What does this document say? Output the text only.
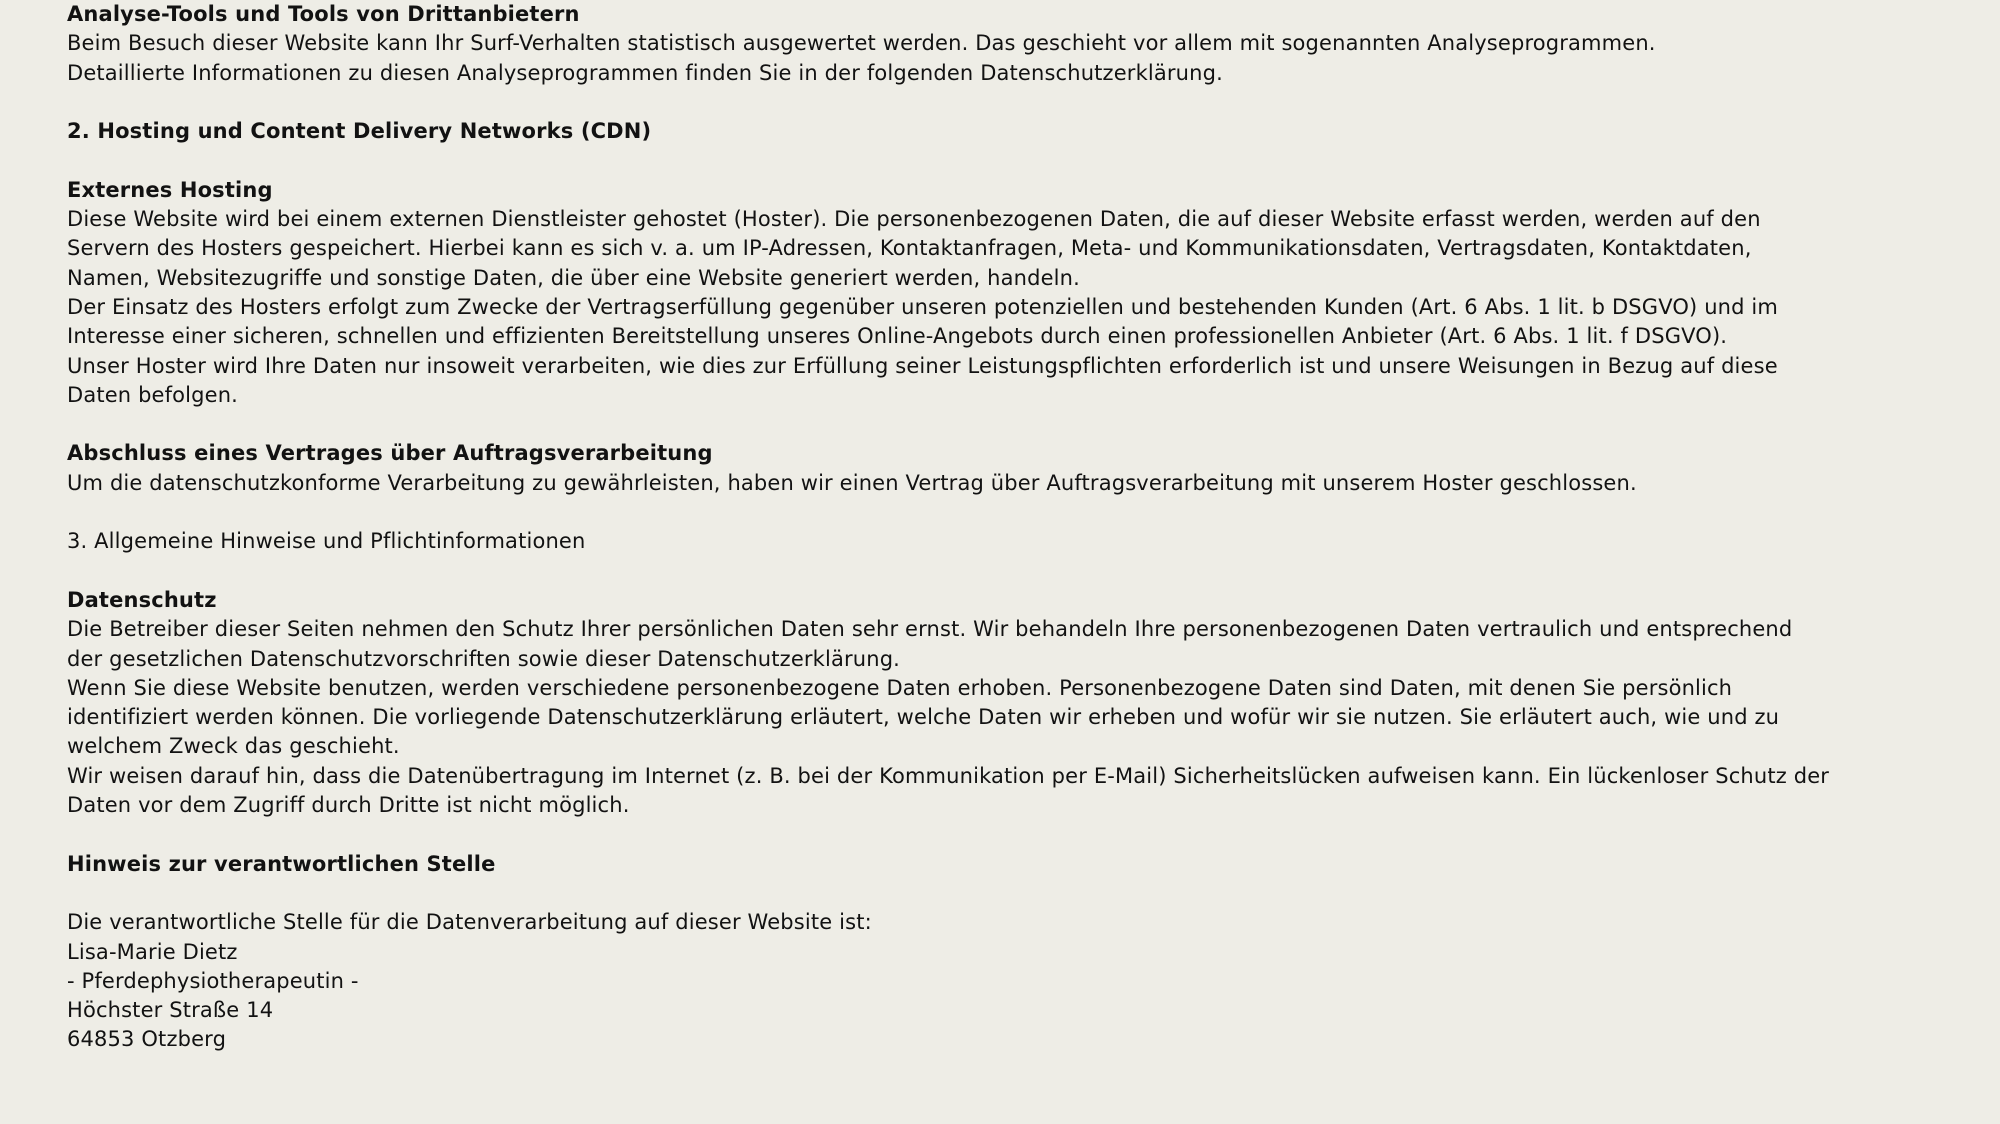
Analyse-Tools und Tools von Drittanbietern

Beim Besuch dieser Website kann Ihr Surf-Verhalten statistisch ausgewertet werden. Das geschieht vor allem mit sogenannten Analyseprogrammen.

Detaillierte Informationen zu diesen Analyseprogrammen finden Sie in der folgenden Datenschutzerklärung.

2. Hosting und Content Delivery Networks (CDN)
Externes Hosting

Diese Website wird bei einem externen Dienstleister gehostet (Hoster). Die personenbezogenen Daten, die auf dieser Website erfasst werden, werden auf den

Servern des Hosters gespeichert. Hierbei kann es sich v. a. um IP-Adressen, Kontaktanfragen, Meta- und Kommunikationsdaten, Vertragsdaten, Kontaktdaten,

Namen, Websitezugriffe und sonstige Daten, die über eine Website generiert werden, handeln.

Der Einsatz des Hosters erfolgt zum Zwecke der Vertragserfüllung gegenüber unseren potenziellen und bestehenden Kunden (Art. 6 Abs. 1 lit. b DSGVO) und im

Interesse einer sicheren, schnellen und effizienten Bereitstellung unseres Online-Angebots durch einen professionellen Anbieter (Art. 6 Abs. 1 lit. f DSGVO).

Unser Hoster wird Ihre Daten nur insoweit verarbeiten, wie dies zur Erfüllung seiner Leistungspflichten erforderlich ist und unsere Weisungen in Bezug auf diese

Daten befolgen.

Abschluss eines Vertrages über Auftragsverarbeitung

Um die datenschutzkonforme Verarbeitung zu gewährleisten, haben wir einen Vertrag über Auftragsverarbeitung mit unserem Hoster geschlossen.

3. Allgemeine Hinweise und Pflichtinformationen
Datenschutz

Die Betreiber dieser Seiten nehmen den Schutz Ihrer persönlichen Daten sehr ernst. Wir behandeln Ihre personenbezogenen Daten vertraulich und entsprechend

der gesetzlichen Datenschutzvorschriften sowie dieser Datenschutzerklärung.

Wenn Sie diese Website benutzen, werden verschiedene personenbezogene Daten erhoben. Personenbezogene Daten sind Daten, mit denen Sie persönlich

identifiziert werden können. Die vorliegende Datenschutzerklärung erläutert, welche Daten wir erheben und wofür wir sie nutzen. Sie erläutert auch, wie und zu

welchem Zweck das geschieht.

Wir weisen darauf hin, dass die Datenübertragung im Internet (z. B. bei der Kommunikation per E-Mail) Sicherheitslücken aufweisen kann. Ein lückenloser Schutz der

Daten vor dem Zugriff durch Dritte ist nicht möglich.

Hinweis zur verantwortlichen Stelle

Die verantwortliche Stelle für die Datenverarbeitung auf dieser Website ist:

Lisa-Marie Dietz

- Pferdephysiotherapeutin -

Höchster Straße 14

64853 Otzberg
